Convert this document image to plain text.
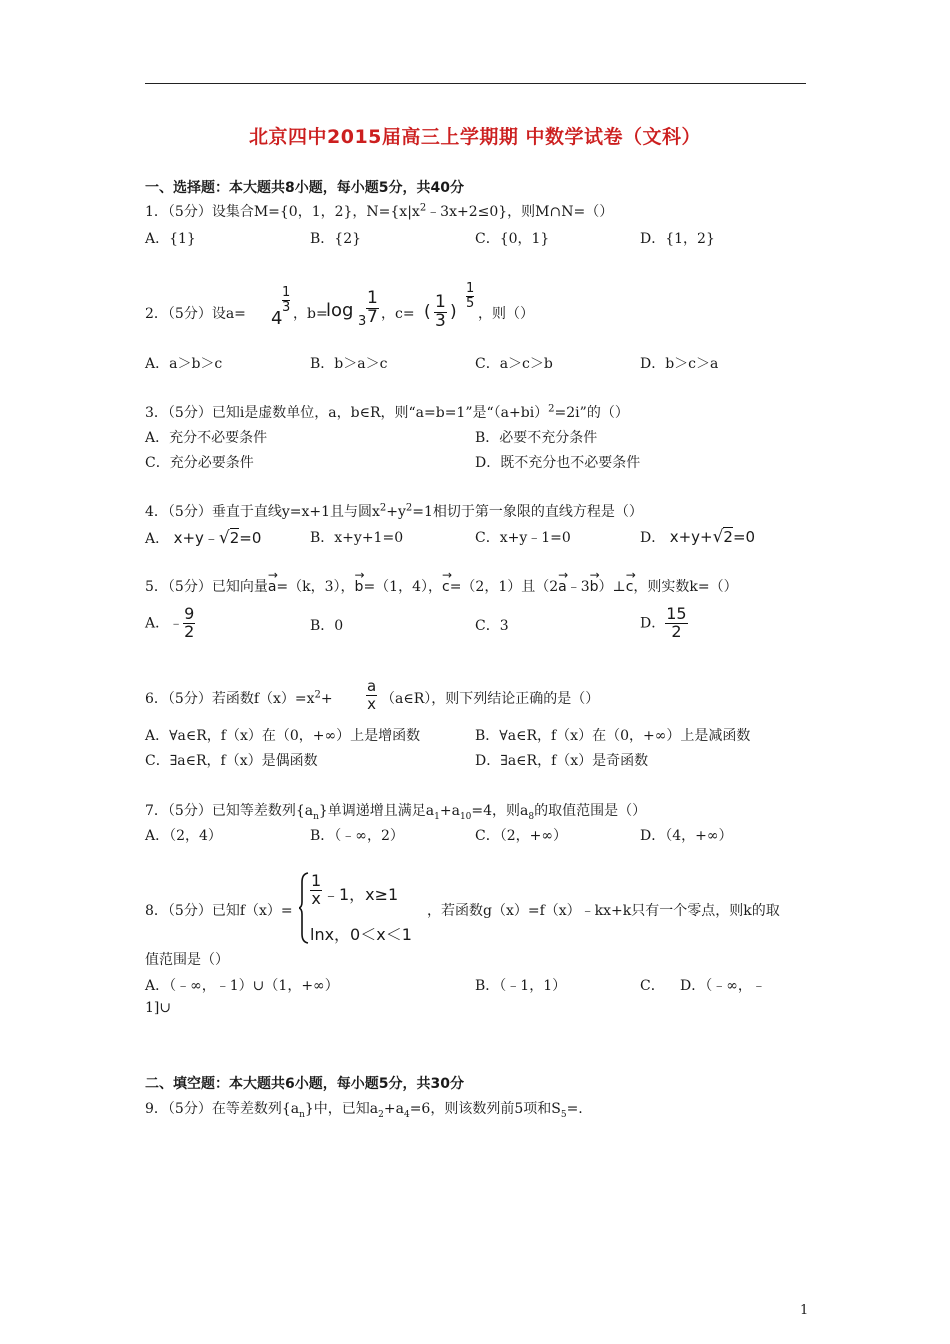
北京四中2015届高三上学期期 中数学试卷（文科）
一、选择题：本大题共8小题，每小题5分，共40分
1．（5分）设集合M={0，1，2}，$N=\{x|x^2﹣3x+2\le 0\}$，则M∩N=（）
A．{1}	B．{2}	C．{0，1}	D．{1，2}
2．（5分）设a= 4
1
3 ，b=
log
3
1
7 ，c= ( 1
3 )
1
5
，则（）
A．a＞b＞c	B．b＞a＞c	C．a＞c＞b	D．b＞c＞a
3．（5分）已知i是虚数单位，a，b∈R，则“a=b=1”是“$(a+bi)^2=2i$”的（）
A．充分不必要条件	B．必要不充分条件
C．充分必要条件	D．既不充分也不必要条件
4．（5分）垂直于直线y=x+1且与圆$x^2+y^2=1$相切于第一象限的直线方程是（）
A． x+y﹣√2=0	B．x+y+1=0	C．x+y﹣1=0	D． x+y+√2=0
5．（5分）已知向量→ a=（k，3），→ b=（1，4），→ c=（2，1）且（2→ a﹣3→ b）⊥→ c，则实数k=（）
A．﹣ $\frac{9}{2}$	B．0	C．3	D． $\frac{15}{2}$
6．（5分）若函数$f(x)=x^2+$
a
x （a∈R），则下列结论正确的是（）
A．∀a∈R，f（x）在（0，+∞）上是增函数	B．∀a∈R，f（x）在（0，+∞）上是减函数
C．∃a∈R，f（x）是偶函数	D．∃a∈R，f（x）是奇函数
7．（5分）已知等差数列$\{a_n\}$单调递增且满足$a_1+a_{10}=4$，则$a_8$的取值范围是（）
A．（2，4）	B．（﹣∞，2）	C．（2，+∞）	D．（4，+∞）
8．（5分）已知f（x）=
1
x ﹣1，x≥1
lnx，0＜x＜1
，若函数g（x）=f（x）﹣kx+k只有一个零点，则k的取
值范围是（）
A．（﹣∞，﹣1）∪（1，+∞）	B．（﹣1，1）	C． D．（﹣∞，﹣
1]∪
二、填空题：本大题共6小题，每小题5分，共30分
9．（5分）在等差数列$\{a_n\}$中，已知$a_2+a_4=6$，则该数列前5项和$S_5=$.
1
